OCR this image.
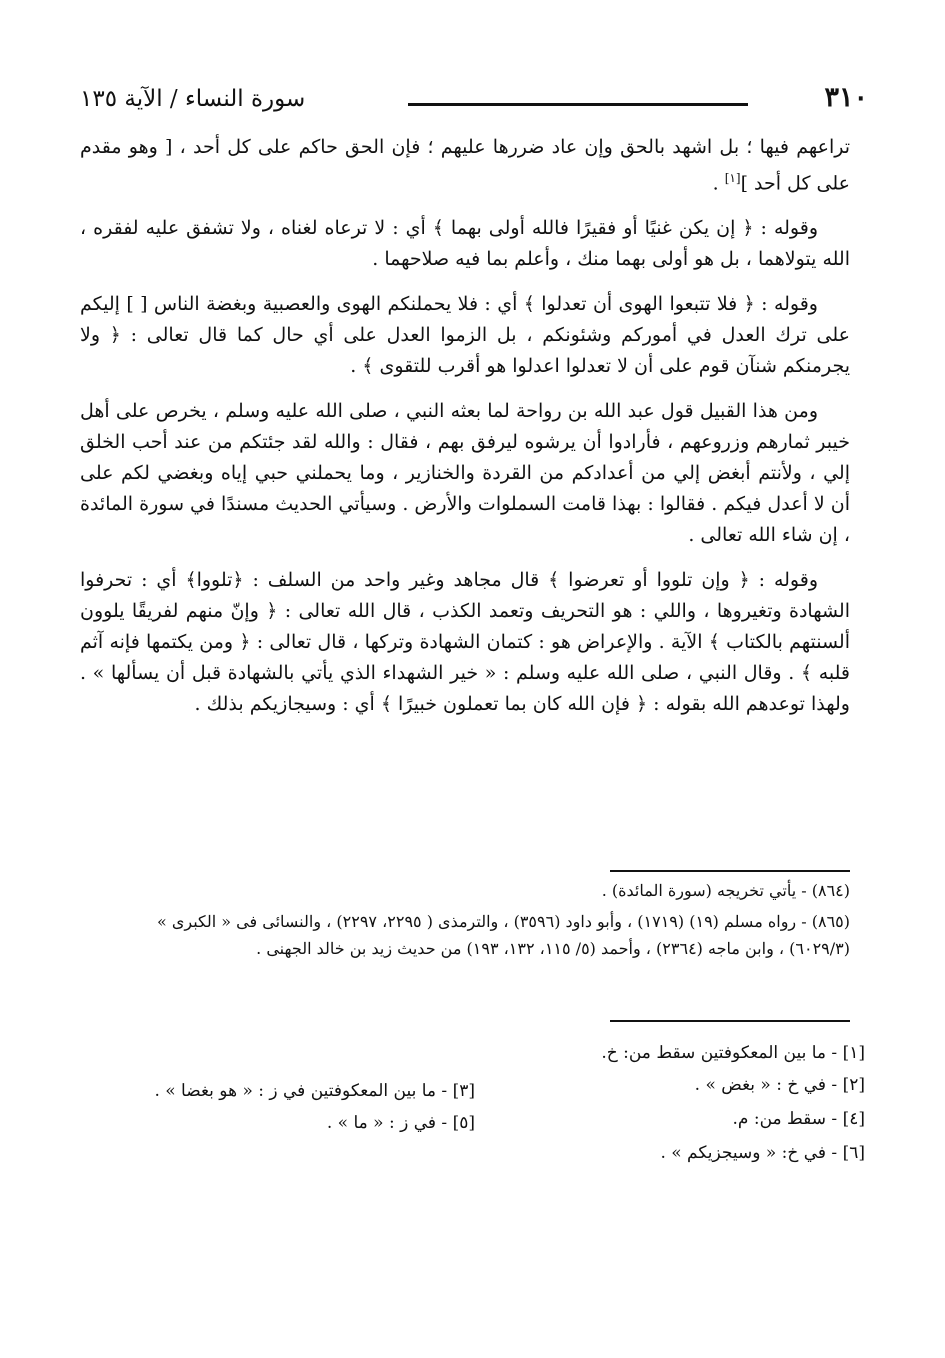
٣١٠
سورة النساء / الآية ١٣٥

تراعهم فيها ؛ بل اشهد بالحق وإن عاد ضررها عليهم ؛ فإن الحق حاكم على كل أحد ، [ وهو مقدم على كل أحد ][١] .

وقوله : ﴿ إن يكن غنيًا أو فقيرًا فالله أولى بهما ﴾ أي : لا ترعاه لغناه ، ولا تشفق عليه لفقره ، الله يتولاهما ، بل هو أولى بهما منك ، وأعلم بما فيه صلاحهما .

وقوله : ﴿ فلا تتبعوا الهوى أن تعدلوا ﴾ أي : فلا يحملنكم الهوى والعصبية وبغضة الناس [ ] إليكم على ترك العدل في أموركم وشئونكم ، بل الزموا العدل على أي حال كما قال تعالى : ﴿ ولا يجرمنكم شنآن قوم على أن لا تعدلوا اعدلوا هو أقرب للتقوى ﴾ .

ومن هذا القبيل قول عبد الله بن رواحة لما بعثه النبي ، صلى الله عليه وسلم ، يخرص على أهل خيبر ثمارهم وزروعهم ، فأرادوا أن يرشوه ليرفق بهم ، فقال : والله لقد جئتكم من عند أحب الخلق إلي ، ولأنتم أبغض إلي من أعدادكم من القردة والخنازير ، وما يحملني حبي إياه وبغضي لكم على أن لا أعدل فيكم . فقالوا : بهذا قامت السملوات والأرض . وسيأتي الحديث مسندًا في سورة المائدة ، إن شاء الله تعالى .

وقوله : ﴿ وإن تلووا أو تعرضوا ﴾ قال مجاهد وغير واحد من السلف : ﴿تلووا﴾ أي : تحرفوا الشهادة وتغيروها ، واللي : هو التحريف وتعمد الكذب ، قال الله تعالى : ﴿ وإنّ منهم لفريقًا يلوون ألسنتهم بالكتاب ﴾ الآية . والإعراض هو : كتمان الشهادة وتركها ، قال تعالى : ﴿ ومن يكتمها فإنه آثم قلبه ﴾ . وقال النبي ، صلى الله عليه وسلم : « خير الشهداء الذي يأتي بالشهادة قبل أن يسألها » . ولهذا توعدهم الله بقوله : ﴿ فإن الله كان بما تعملون خبيرًا ﴾ أي : وسيجازيكم بذلك .

(٨٦٤) - يأتي تخريجه (سورة المائدة) .

(٨٦٥) - رواه مسلم (١٩) (١٧١٩) ، وأبو داود (٣٥٩٦) ، والترمذى ( ٢٢٩٥، ٢٢٩٧) ، والنسائى فى « الكبرى » (٦٠٢٩/٣) ، وابن ماجه (٢٣٦٤) ، وأحمد (٥/ ١١٥، ١٣٢، ١٩٣) من حديث زيد بن خالد الجهنى .

[١] - ما بين المعكوفتين سقط من: خ.
[٢] - في خ : « بغض » .
[٣] - ما بين المعكوفتين في ز : « هو بغضا » .
[٤] - سقط من: م.
[٥] - في ز : « ما » .
[٦] - في خ: « وسيجزيكم » .
